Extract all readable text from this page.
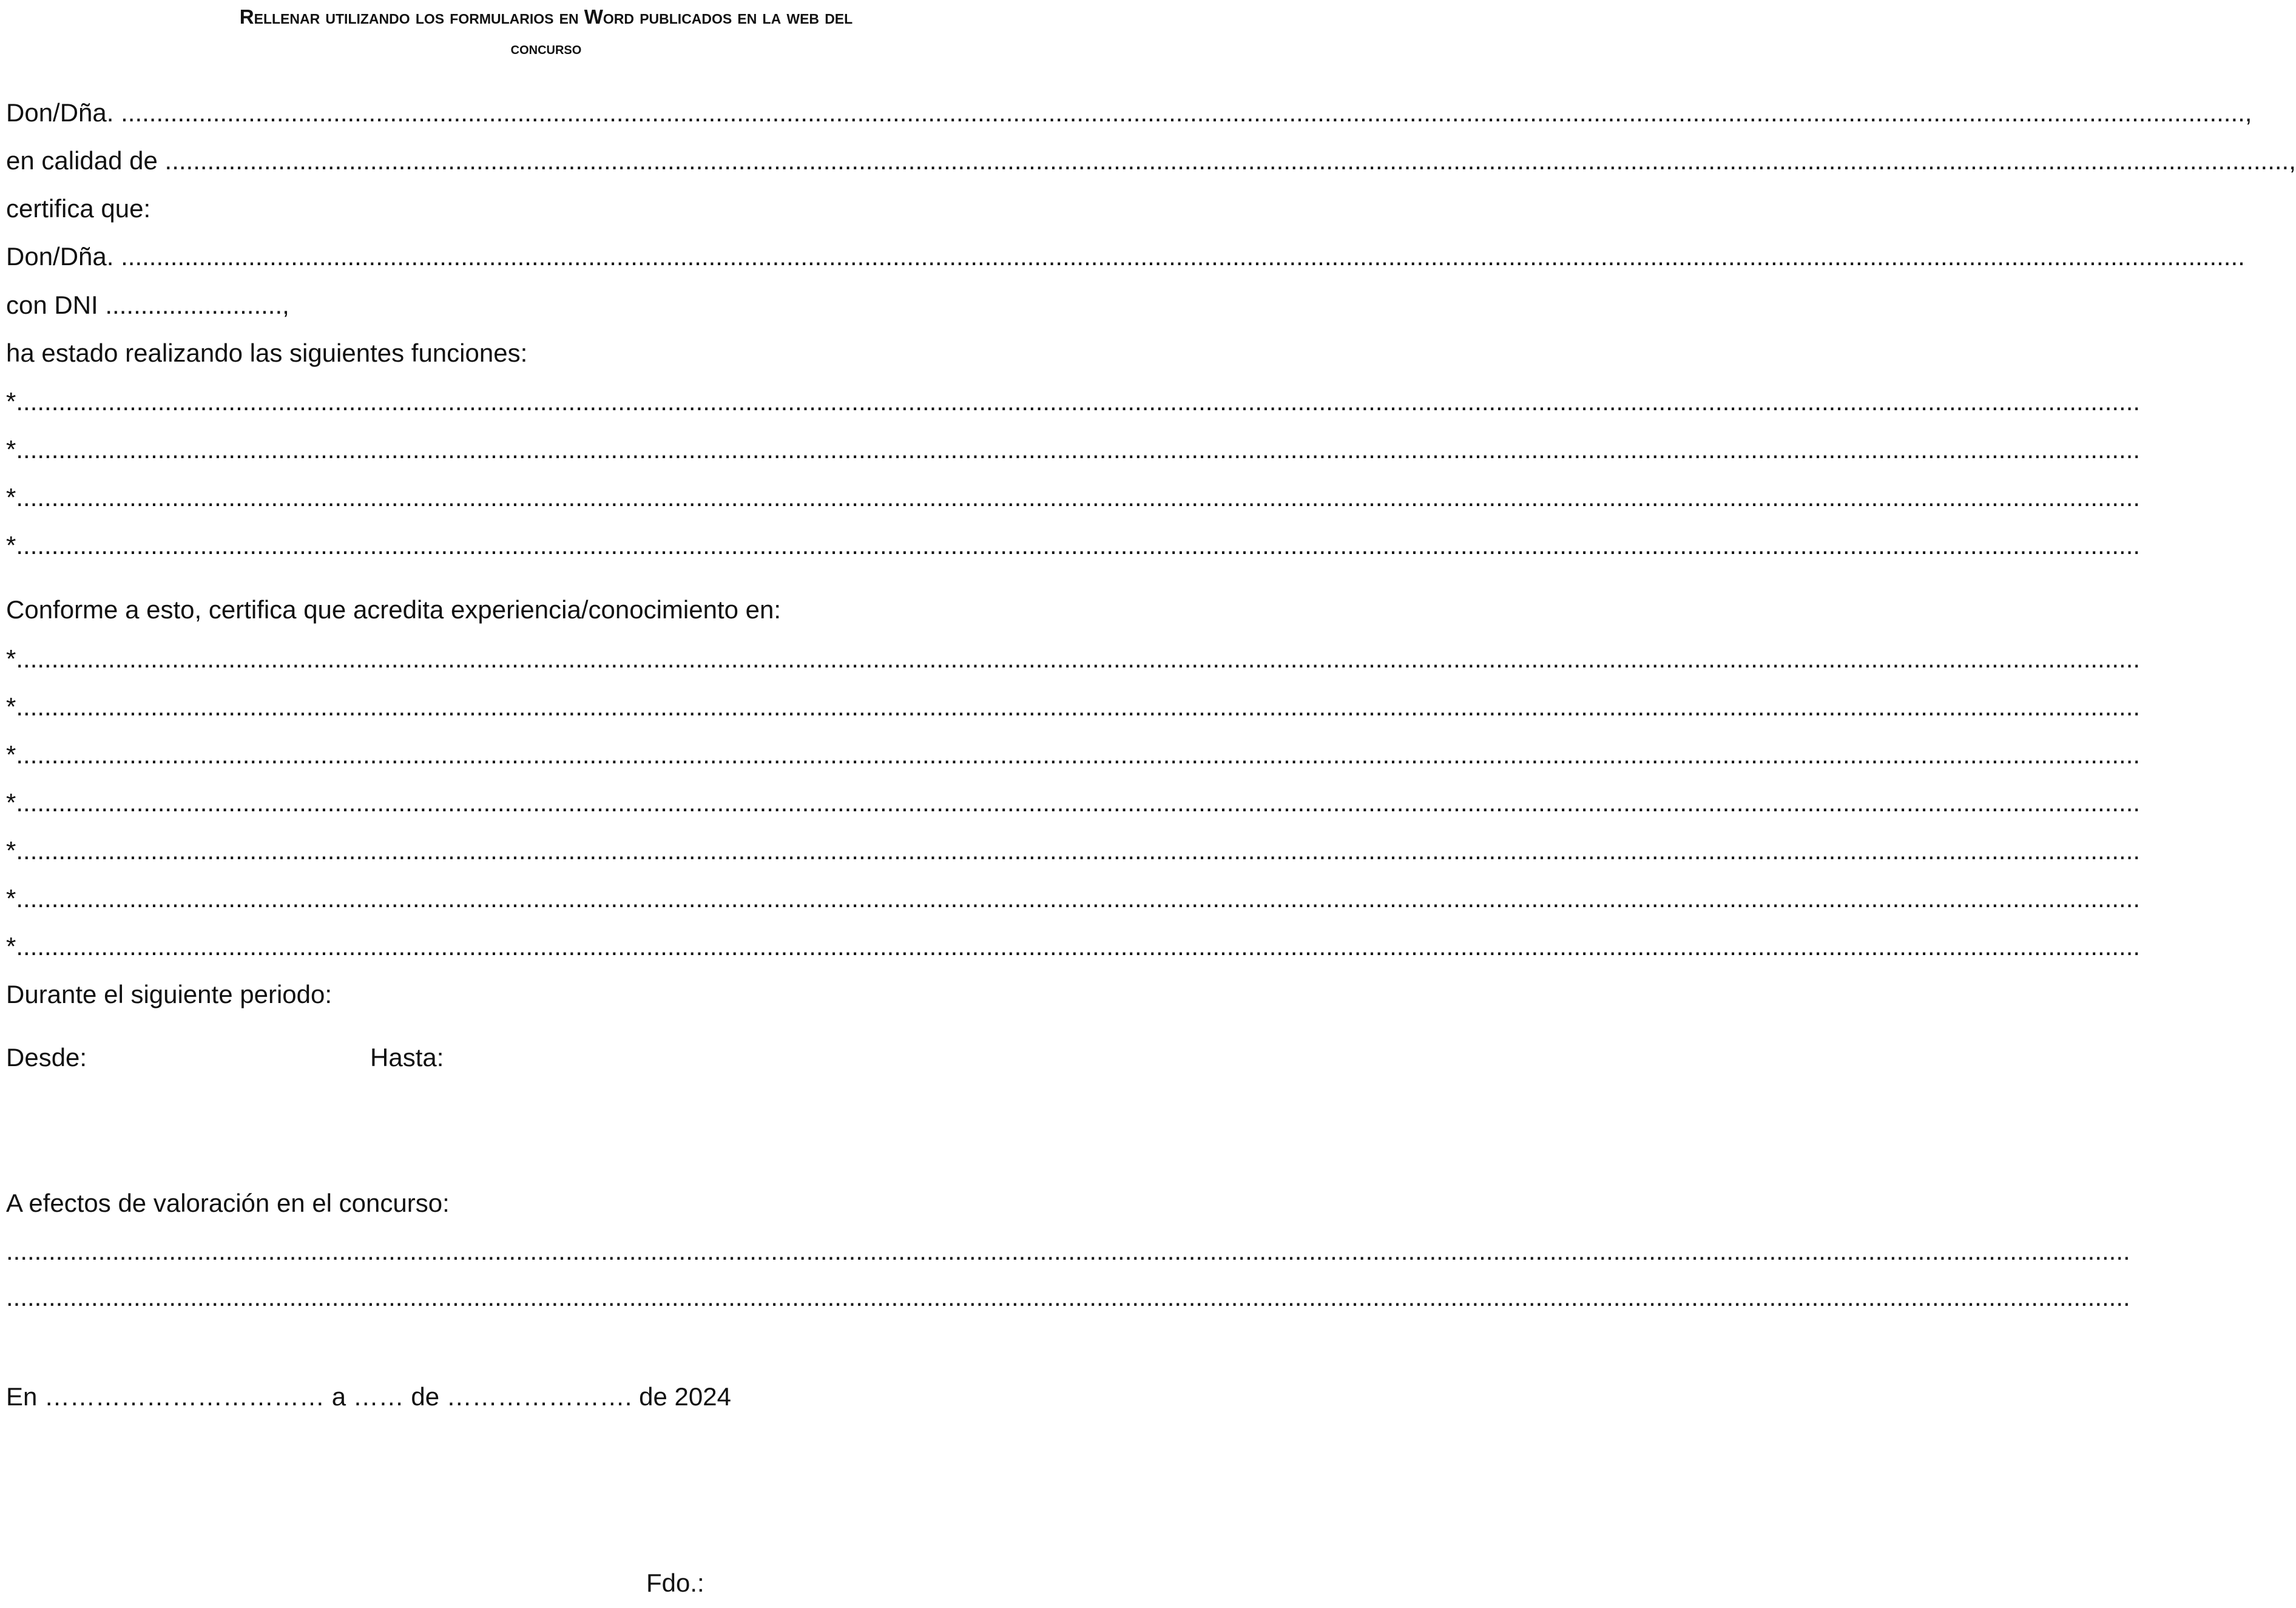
Rellenar utilizando los formularios en Word publicados en la web del
concurso
Don/Dña. ............................................................................................................................................................................................................................................................................................................ ,
en calidad de ............................................................................................................................................................................................................................................................................................................ ,
certifica que:
Don/Dña. ............................................................................................................................................................................................................................................................................................................
con DNI .........................,
ha estado realizando las siguientes funciones:
* ............................................................................................................................................................................................................................................................................................................
* ............................................................................................................................................................................................................................................................................................................
* ............................................................................................................................................................................................................................................................................................................
* ............................................................................................................................................................................................................................................................................................................
Conforme a esto, certifica que acredita experiencia/conocimiento en:
* ............................................................................................................................................................................................................................................................................................................
* ............................................................................................................................................................................................................................................................................................................
* ............................................................................................................................................................................................................................................................................................................
* ............................................................................................................................................................................................................................................................................................................
* ............................................................................................................................................................................................................................................................................................................
* ............................................................................................................................................................................................................................................................................................................
* ............................................................................................................................................................................................................................................................................................................
Durante el siguiente periodo:
Desde:	Hasta:
A efectos de valoración en el concurso:
............................................................................................................................................................................................................................................................................................................
............................................................................................................................................................................................................................................................................................................
En …………………………… a …… de …………………. de 2024
Fdo.:
